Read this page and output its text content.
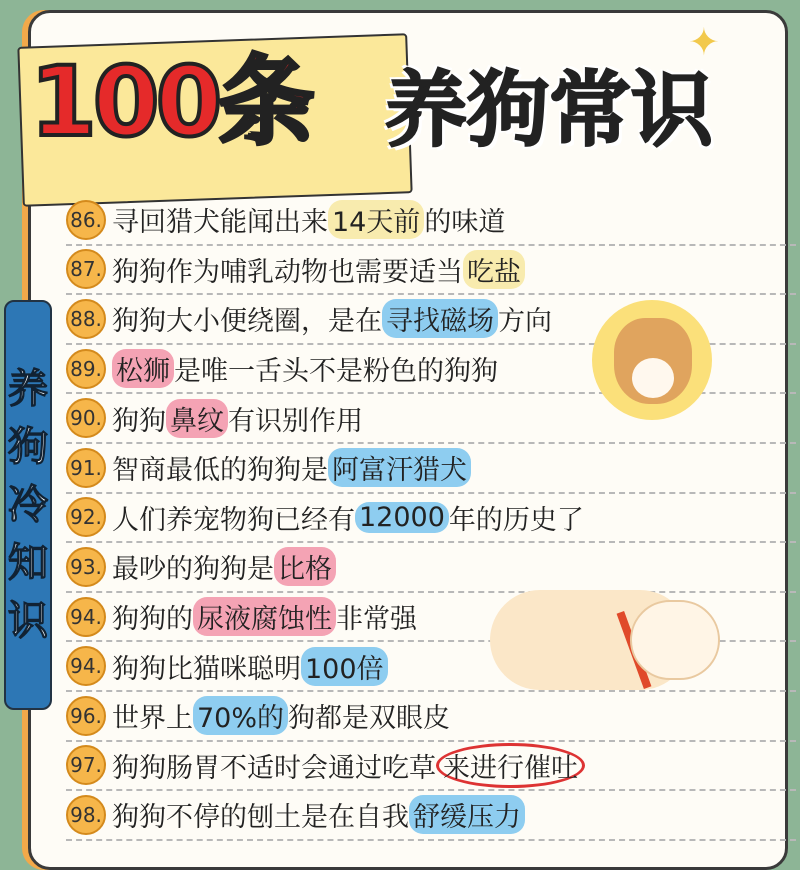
100条 养狗常识
✦
养
狗
冷
知
识
86. 寻回猎犬能闻出来 14天前 的味道
87. 狗狗作为哺乳动物也需要适当 吃盐
88. 狗狗大小便绕圈，是在 寻找磁场 方向
89. 松狮 是唯一舌头不是粉色的狗狗
90. 狗狗 鼻纹 有识别作用
91. 智商最低的狗狗是 阿富汗猎犬
92. 人们养宠物狗已经有 12000 年的历史了
93. 最吵的狗狗是 比格
94. 狗狗的 尿液腐蚀性 非常强
94. 狗狗比猫咪聪明 100倍
96. 世界上 70%的 狗都是双眼皮
97. 狗狗肠胃不适时会通过吃草 来进行催吐
98. 狗狗不停的刨土是在自我 舒缓压力
